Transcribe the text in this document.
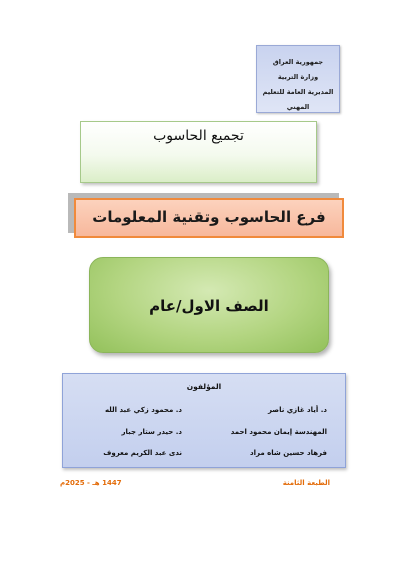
جمهورية العراق
وزارة التربية
المديرية العامة للتعليم المهني
تجميع الحاسوب
فرع الحاسوب وتقنية المعلومات
الصف الاول/عام
المؤلفون
د. أياد غازي ناصر
د. محمود زكي عبد الله
المهندسة إيمان محمود احمد
د. حيدر ستار جبار
فرهاد حسين شاه مراد
ندى عبد الكريم معروف
الطبعة الثامنة
1447 هـ - 2025م
